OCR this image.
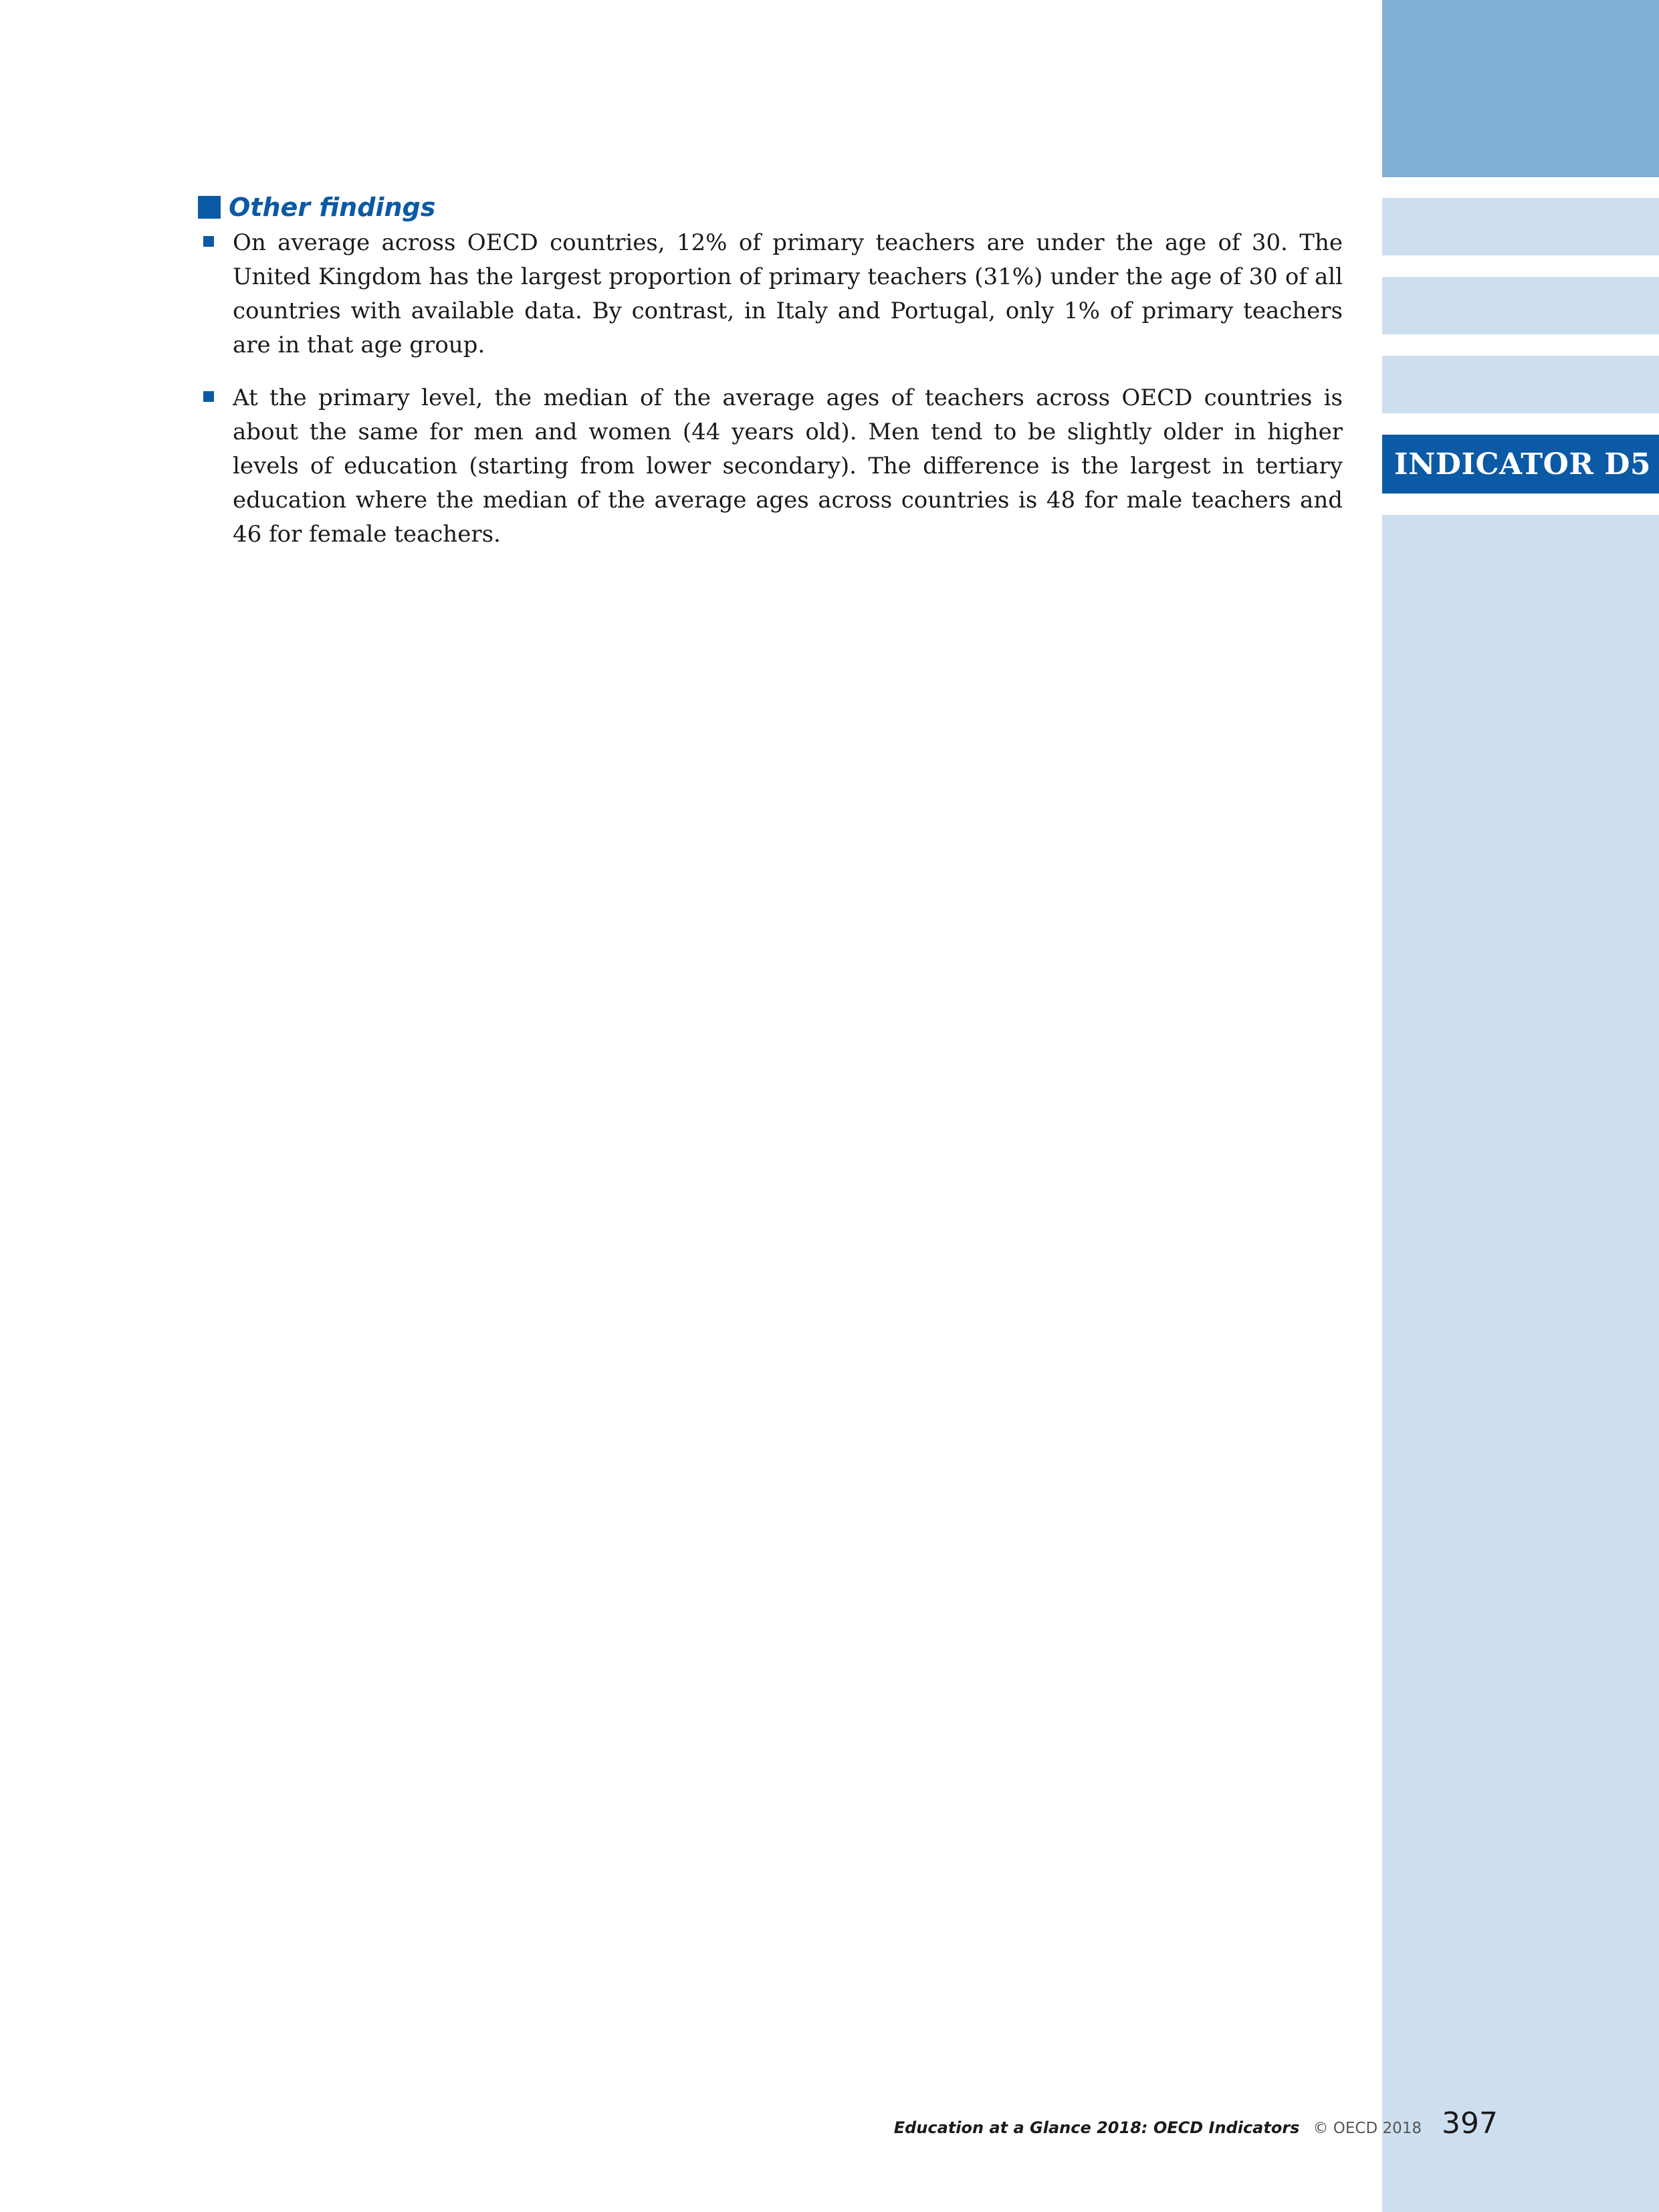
INDICATOR D5
Other findings
On average across OECD countries, 12% of primary teachers are under the age of 30. The United Kingdom has the largest proportion of primary teachers (31%) under the age of 30 of all countries with available data. By contrast, in Italy and Portugal, only 1% of primary teachers are in that age group.
At the primary level, the median of the average ages of teachers across OECD countries is about the same for men and women (44 years old). Men tend to be slightly older in higher levels of education (starting from lower secondary). The difference is the largest in tertiary education where the median of the average ages across countries is 48 for male teachers and 46 for female teachers.
Education at a Glance 2018: OECD Indicators © OECD 2018 397
